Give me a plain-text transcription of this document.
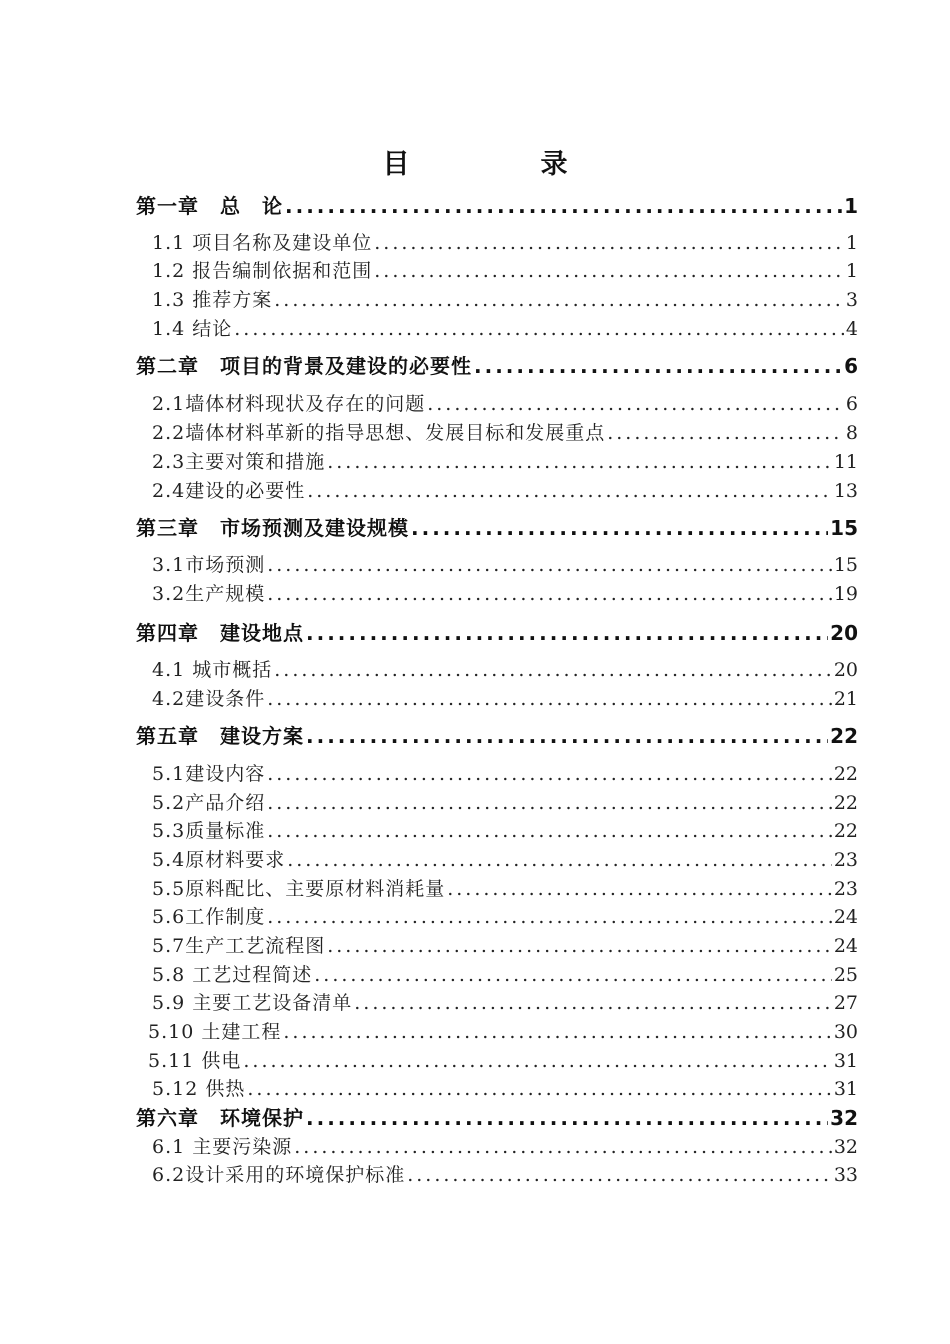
目　录
第一章　总　论 .....	1
1.1 项目名称及建设单位 .....	1
1.2 报告编制依据和范围 .....	1
1.3 推荐方案 .....	3
1.4 结论 .....	4
第二章　项目的背景及建设的必要性 .....	6
2.1墙体材料现状及存在的问题 .....	6
2.2墙体材料革新的指导思想、发展目标和发展重点 .....	8
2.3主要对策和措施 .....	11
2.4建设的必要性 .....	13
第三章　市场预测及建设规模 .....	15
3.1市场预测 .....	15
3.2生产规模 .....	19
第四章　建设地点 .....	20
4.1 城市概括 .....	20
4.2建设条件 .....	21
第五章　建设方案 .....	22
5.1建设内容 .....	22
5.2产品介绍 .....	22
5.3质量标准 .....	22
5.4原材料要求 .....	23
5.5原料配比、主要原材料消耗量 .....	23
5.6工作制度 .....	24
5.7生产工艺流程图 .....	24
5.8 工艺过程简述 .....	25
5.9 主要工艺设备清单 .....	27
5.10 土建工程 .....	30
5.11 供电 .....	31
5.12 供热 .....	31
第六章　环境保护 .....	32
6.1 主要污染源 .....	32
6.2设计采用的环境保护标准 .....	33
